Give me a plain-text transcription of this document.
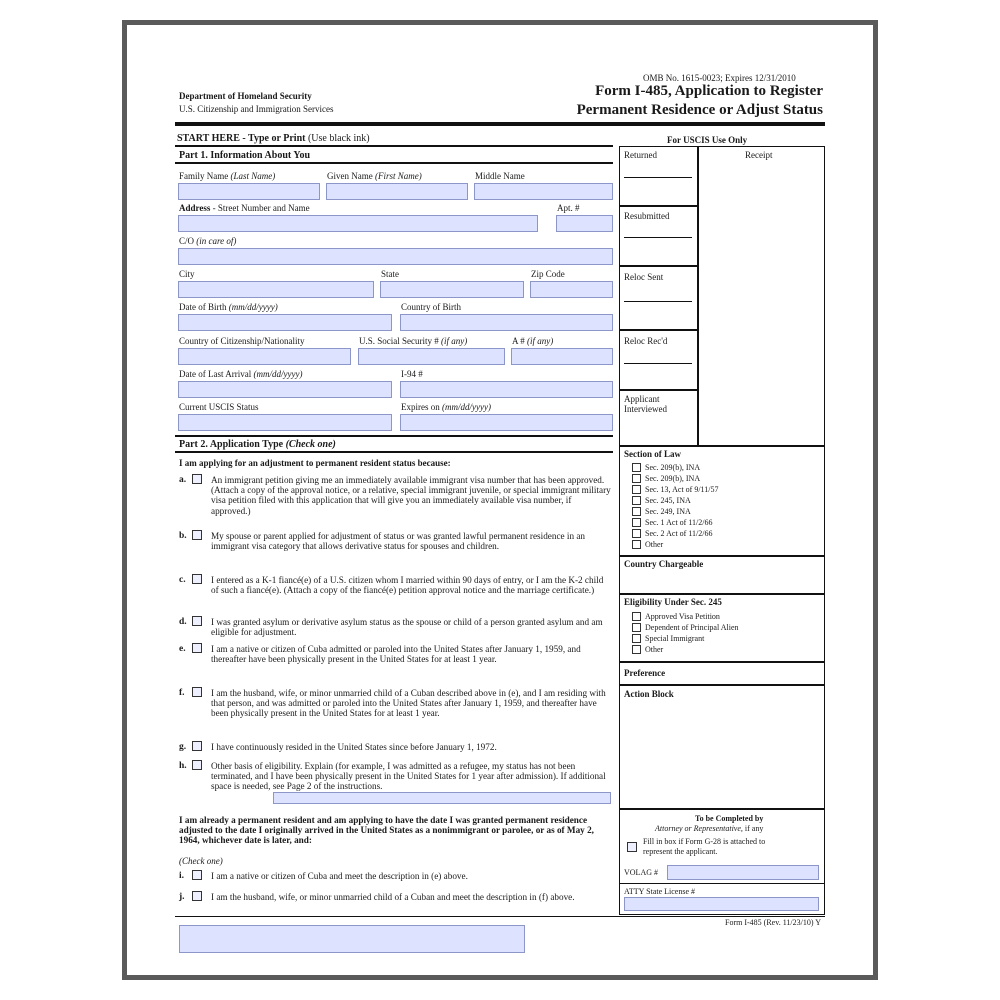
OMB No. 1615-0023; Expires 12/31/2010
Department of Homeland Security
U.S. Citizenship and Immigration Services
Form I-485, Application to Register
Permanent Residence or Adjust Status
START HERE - Type or Print (Use black ink)
Part 1. Information About You
Family Name (Last Name)	Given Name (First Name)	Middle Name
Address - Street Number and Name	Apt. #
C/O (in care of)
City	State	Zip Code
Date of Birth (mm/dd/yyyy)	Country of Birth
Country of Citizenship/Nationality	U.S. Social Security # (if any)	A # (if any)
Date of Last Arrival (mm/dd/yyyy)	I-94 #
Current USCIS Status	Expires on (mm/dd/yyyy)
Part 2. Application Type (Check one)
I am applying for an adjustment to permanent resident status because:
a.	An immigrant petition giving me an immediately available immigrant visa number that has been approved. (Attach a copy of the approval notice, or a relative, special immigrant juvenile, or special immigrant military visa petition filed with this application that will give you an immediately available visa number, if approved.)
b.	My spouse or parent applied for adjustment of status or was granted lawful permanent residence in an immigrant visa category that allows derivative status for spouses and children.
c.	I entered as a K-1 fiancé(e) of a U.S. citizen whom I married within 90 days of entry, or I am the K-2 child of such a fiancé(e). (Attach a copy of the fiancé(e) petition approval notice and the marriage certificate.)
d.	I was granted asylum or derivative asylum status as the spouse or child of a person granted asylum and am eligible for adjustment.
e.	I am a native or citizen of Cuba admitted or paroled into the United States after January 1, 1959, and thereafter have been physically present in the United States for at least 1 year.
f.	I am the husband, wife, or minor unmarried child of a Cuban described above in (e), and I am residing with that person, and was admitted or paroled into the United States after January 1, 1959, and thereafter have been physically present in the United States for at least 1 year.
g.	I have continuously resided in the United States since before January 1, 1972.
h.	Other basis of eligibility. Explain (for example, I was admitted as a refugee, my status has not been terminated, and I have been physically present in the United States for 1 year after admission). If additional space is needed, see Page 2 of the instructions.
I am already a permanent resident and am applying to have the date I was granted permanent residence adjusted to the date I originally arrived in the United States as a nonimmigrant or parolee, or as of May 2, 1964, whichever date is later, and:
(Check one)
i.	I am a native or citizen of Cuba and meet the description in (e) above.
j.	I am the husband, wife, or minor unmarried child of a Cuban and meet the description in (f) above.
Form I-485 (Rev. 11/23/10) Y
For USCIS Use Only
Returned	Receipt
Resubmitted
Reloc Sent
Reloc Rec'd
Applicant Interviewed
Section of Law
Sec. 209(b), INA
Sec. 209(b), INA
Sec. 13, Act of 9/11/57
Sec. 245, INA
Sec. 249, INA
Sec. 1 Act of 11/2/66
Sec. 2 Act of 11/2/66
Other
Country Chargeable
Eligibility Under Sec. 245
Approved Visa Petition
Dependent of Principal Alien
Special Immigrant
Other
Preference
Action Block
To be Completed by
Attorney or Representative, if any
Fill in box if Form G-28 is attached to
represent the applicant.
VOLAG #
ATTY State License #
